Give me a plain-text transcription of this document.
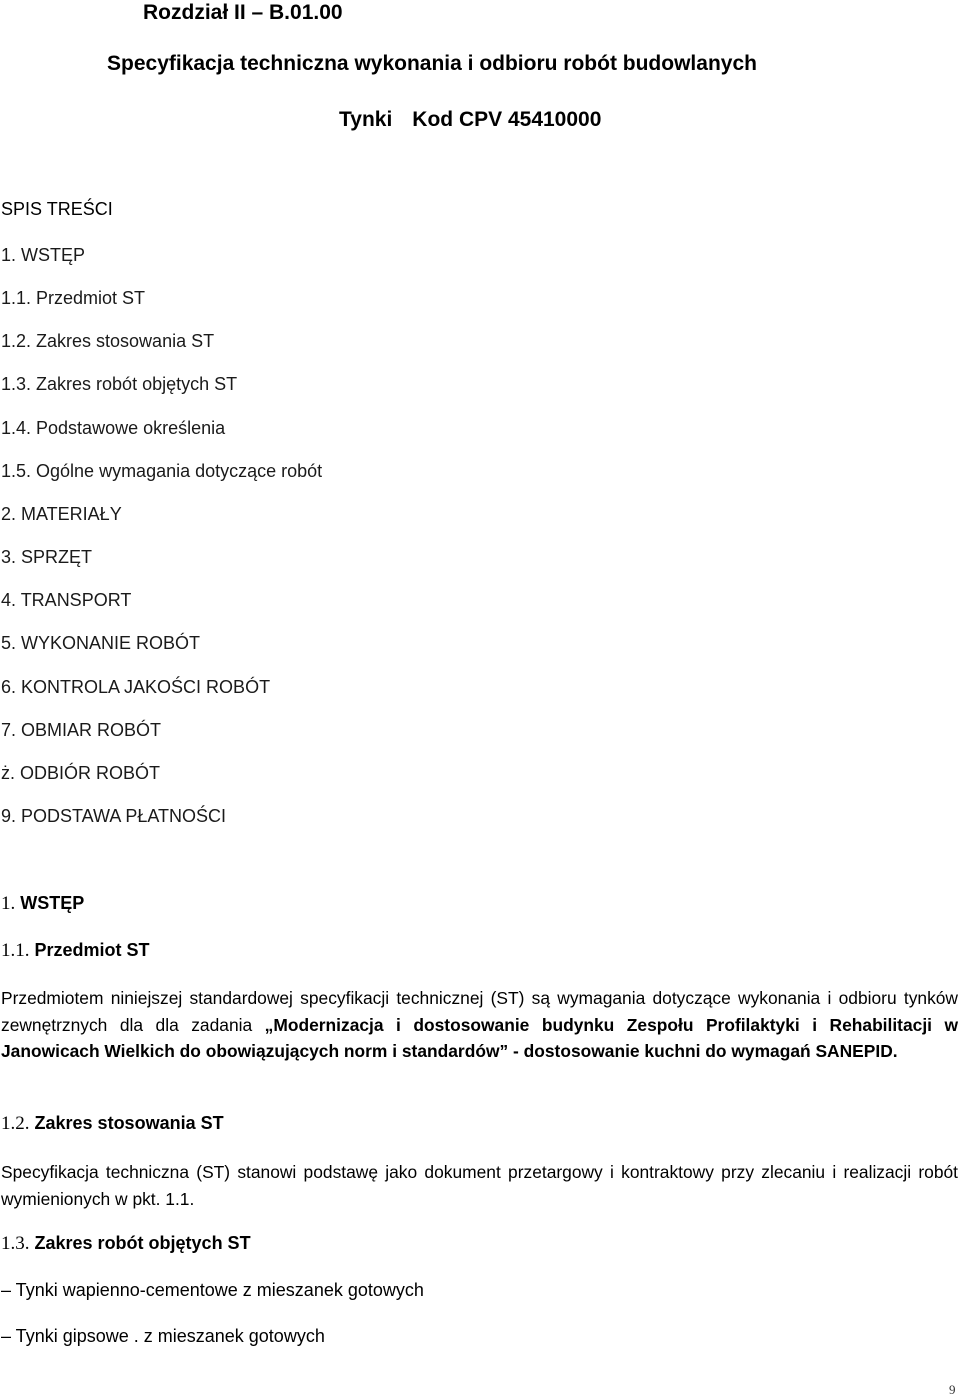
Rozdział II – B.01.00
Specyfikacja techniczna wykonania i odbioru robót budowlanych
Tynki Kod CPV 45410000
SPIS TREŚCI
1. WSTĘP
1.1. Przedmiot ST
1.2. Zakres stosowania ST
1.3. Zakres robót objętych ST
1.4. Podstawowe określenia
1.5. Ogólne wymagania dotyczące robót
2. MATERIAŁY
3. SPRZĘT
4. TRANSPORT
5. WYKONANIE ROBÓT
6. KONTROLA JAKOŚCI ROBÓT
7. OBMIAR ROBÓT
ż. ODBIÓR ROBÓT
9. PODSTAWA PŁATNOŚCI
1. WSTĘP
1.1. Przedmiot ST

Przedmiotem niniejszej standardowej specyfikacji technicznej (ST) są wymagania dotyczące wykonania i odbioru tynków zewnętrznych dla dla zadania „Modernizacja i dostosowanie budynku Zespołu Profilaktyki i Rehabilitacji w Janowicach Wielkich do obowiązujących norm i standardów” - dostosowanie kuchni do wymagań SANEPID.

1.2. Zakres stosowania ST

Specyfikacja techniczna (ST) stanowi podstawę jako dokument przetargowy i kontraktowy przy zlecaniu i realizacji robót wymienionych w pkt. 1.1.

1.3. Zakres robót objętych ST
– Tynki wapienno-cementowe z mieszanek gotowych
– Tynki gipsowe . z mieszanek gotowych
9
